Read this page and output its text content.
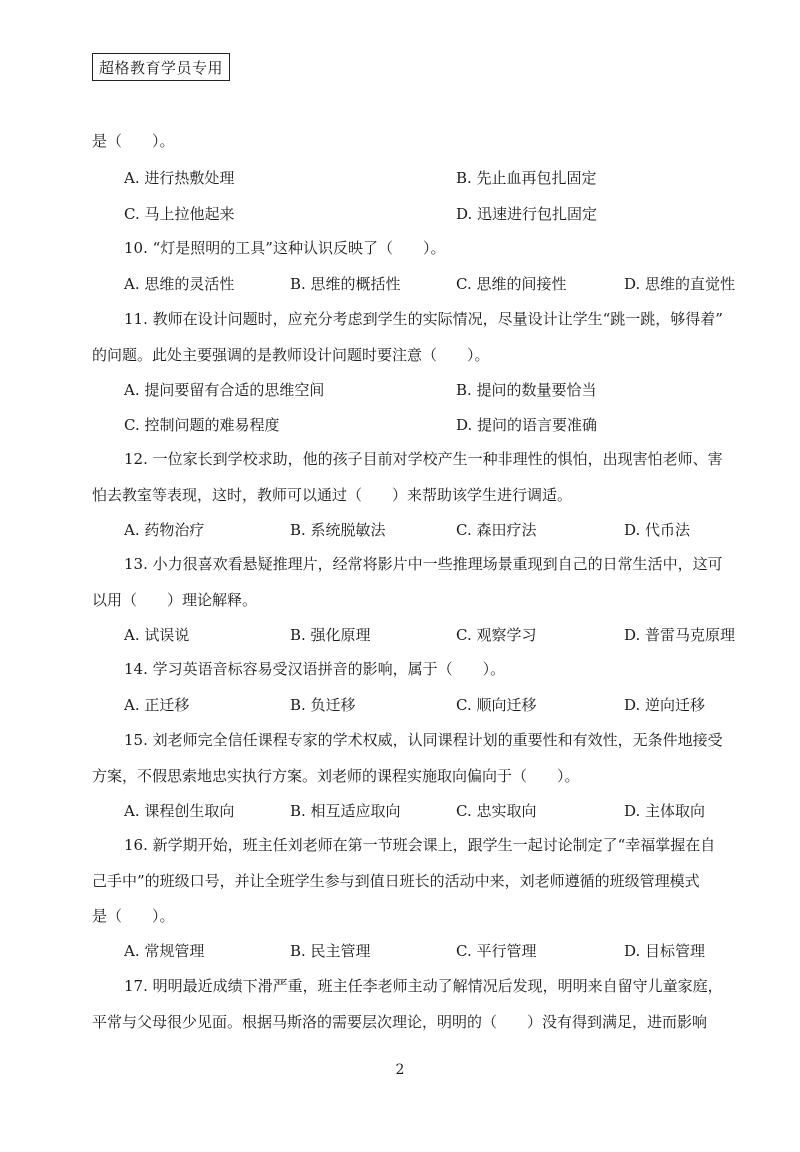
超格教育学员专用
是（　　）。
A. 进行热敷处理	B. 先止血再包扎固定
C. 马上拉他起来	D. 迅速进行包扎固定
10. “灯是照明的工具”这种认识反映了（　　）。
A. 思维的灵活性	B. 思维的概括性	C. 思维的间接性	D. 思维的直觉性
11. 教师在设计问题时，应充分考虑到学生的实际情况，尽量设计让学生“跳一跳，够得着”
的问题。此处主要强调的是教师设计问题时要注意（　　）。
A. 提问要留有合适的思维空间	B. 提问的数量要恰当
C. 控制问题的难易程度	D. 提问的语言要准确
12. 一位家长到学校求助，他的孩子目前对学校产生一种非理性的惧怕，出现害怕老师、害
怕去教室等表现，这时，教师可以通过（　　）来帮助该学生进行调适。
A. 药物治疗	B. 系统脱敏法	C. 森田疗法	D. 代币法
13. 小力很喜欢看悬疑推理片，经常将影片中一些推理场景重现到自己的日常生活中，这可
以用（　　）理论解释。
A. 试误说	B. 强化原理	C. 观察学习	D. 普雷马克原理
14. 学习英语音标容易受汉语拼音的影响，属于（　　）。
A. 正迁移	B. 负迁移	C. 顺向迁移	D. 逆向迁移
15. 刘老师完全信任课程专家的学术权威，认同课程计划的重要性和有效性，无条件地接受
方案，不假思索地忠实执行方案。刘老师的课程实施取向偏向于（　　）。
A. 课程创生取向	B. 相互适应取向	C. 忠实取向	D. 主体取向
16. 新学期开始，班主任刘老师在第一节班会课上，跟学生一起讨论制定了“幸福掌握在自
己手中”的班级口号，并让全班学生参与到值日班长的活动中来，刘老师遵循的班级管理模式
是（　　）。
A. 常规管理	B. 民主管理	C. 平行管理	D. 目标管理
17. 明明最近成绩下滑严重，班主任李老师主动了解情况后发现，明明来自留守儿童家庭，
平常与父母很少见面。根据马斯洛的需要层次理论，明明的（　　）没有得到满足，进而影响
2
